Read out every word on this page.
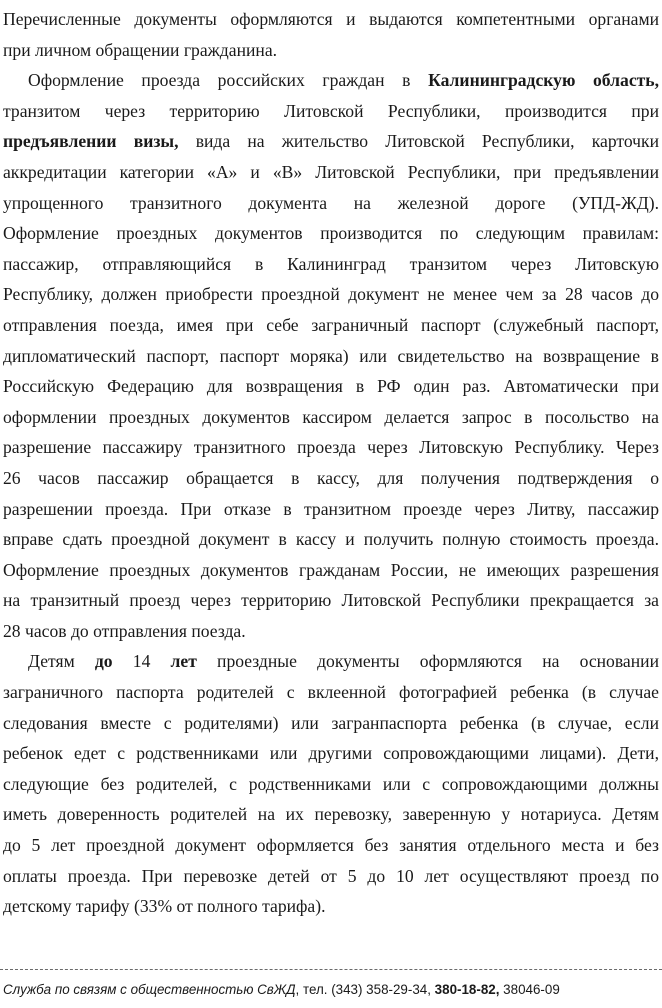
Перечисленные документы оформляются и выдаются компетентными органами
при личном обращении гражданина.
Оформление проезда российских граждан в Калининградскую область,
транзитом через территорию Литовской Республики, производится при
предъявлении визы, вида на жительство Литовской Республики, карточки
аккредитации категории «А» и «В» Литовской Республики, при предъявлении
упрощенного транзитного документа на железной дороге (УПД-ЖД).
Оформление проездных документов производится по следующим правилам:
пассажир, отправляющийся в Калининград транзитом через Литовскую
Республику, должен приобрести проездной документ не менее чем за 28 часов до
отправления поезда, имея при себе заграничный паспорт (служебный паспорт,
дипломатический паспорт, паспорт моряка) или свидетельство на возвращение в
Российскую Федерацию для возвращения в РФ один раз. Автоматически при
оформлении проездных документов кассиром делается запрос в посольство на
разрешение пассажиру транзитного проезда через Литовскую Республику. Через
26 часов пассажир обращается в кассу, для получения подтверждения о
разрешении проезда. При отказе в транзитном проезде через Литву, пассажир
вправе сдать проездной документ в кассу и получить полную стоимость проезда.
Оформление проездных документов гражданам России, не имеющих разрешения
на транзитный проезд через территорию Литовской Республики прекращается за
28 часов до отправления поезда.
Детям до 14 лет проездные документы оформляются на основании
заграничного паспорта родителей с вклеенной фотографией ребенка (в случае
следования вместе с родителями) или загранпаспорта ребенка (в случае, если
ребенок едет с родственниками или другими сопровождающими лицами). Дети,
следующие без родителей, с родственниками или с сопровождающими должны
иметь доверенность родителей на их перевозку, заверенную у нотариуса. Детям
до 5 лет проездной документ оформляется без занятия отдельного места и без
оплаты проезда. При перевозке детей от 5 до 10 лет осуществляют проезд по
детскому тарифу (33% от полного тарифа).
Служба по связям с общественностью СвЖД, тел. (343) 358-29-34, 380-18-82, 38046-09
